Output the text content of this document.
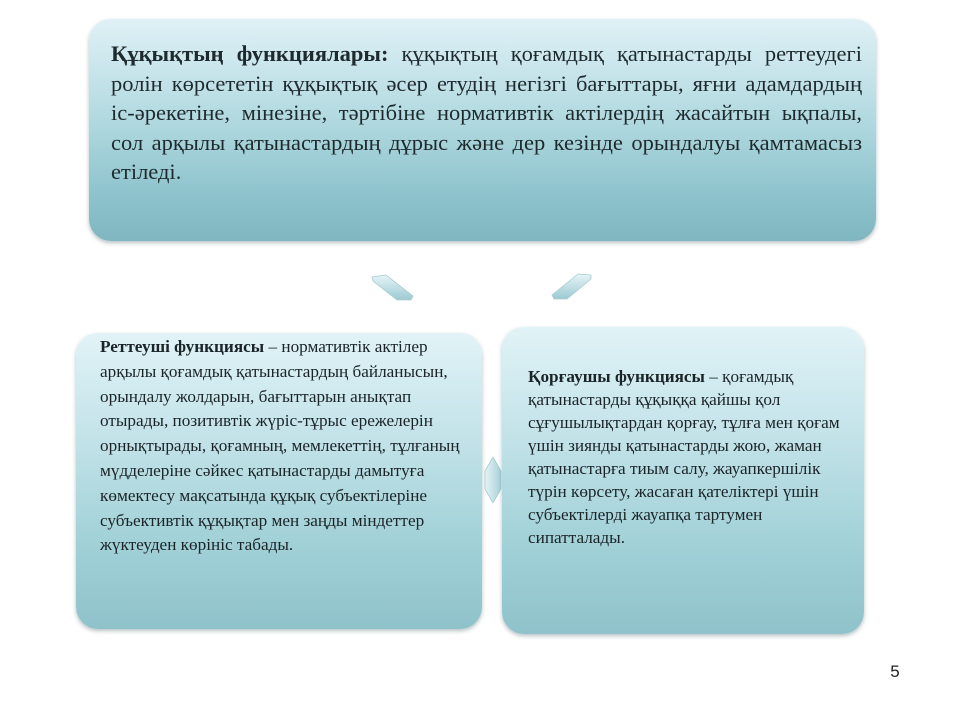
Құқықтың функциялары: құқықтың қоғамдық қатынастарды реттеудегі ролін көрсететін құқықтық әсер етудің негізгі бағыттары, яғни адамдардың іс-әрекетіне, мінезіне, тәртібіне нормативтік актілердің жасайтын ықпалы, сол арқылы қатынастардың дұрыс және дер кезінде орындалуы қамтамасыз етіледі.
Реттеуші функциясы – нормативтік актілер арқылы қоғамдық қатынастардың байланысын, орындалу жолдарын, бағыттарын анықтап отырады, позитивтік жүріс-тұрыс ережелерін орнықтырады, қоғамның, мемлекеттің, тұлғаның мүдделеріне сәйкес қатынастарды дамытуға көмектесу мақсатында құқық субъектілеріне субъективтік құқықтар мен заңды міндеттер жүктеуден көрініс табады.
Қорғаушы функциясы – қоғамдық қатынастарды құқыққа қайшы қол сұғушылықтардан қорғау, тұлға мен қоғам үшін зиянды қатынастарды жою, жаман қатынастарға тиым салу, жауапкершілік түрін көрсету, жасаған қателіктері үшін субъектілерді жауапқа тартумен сипатталады.
5
